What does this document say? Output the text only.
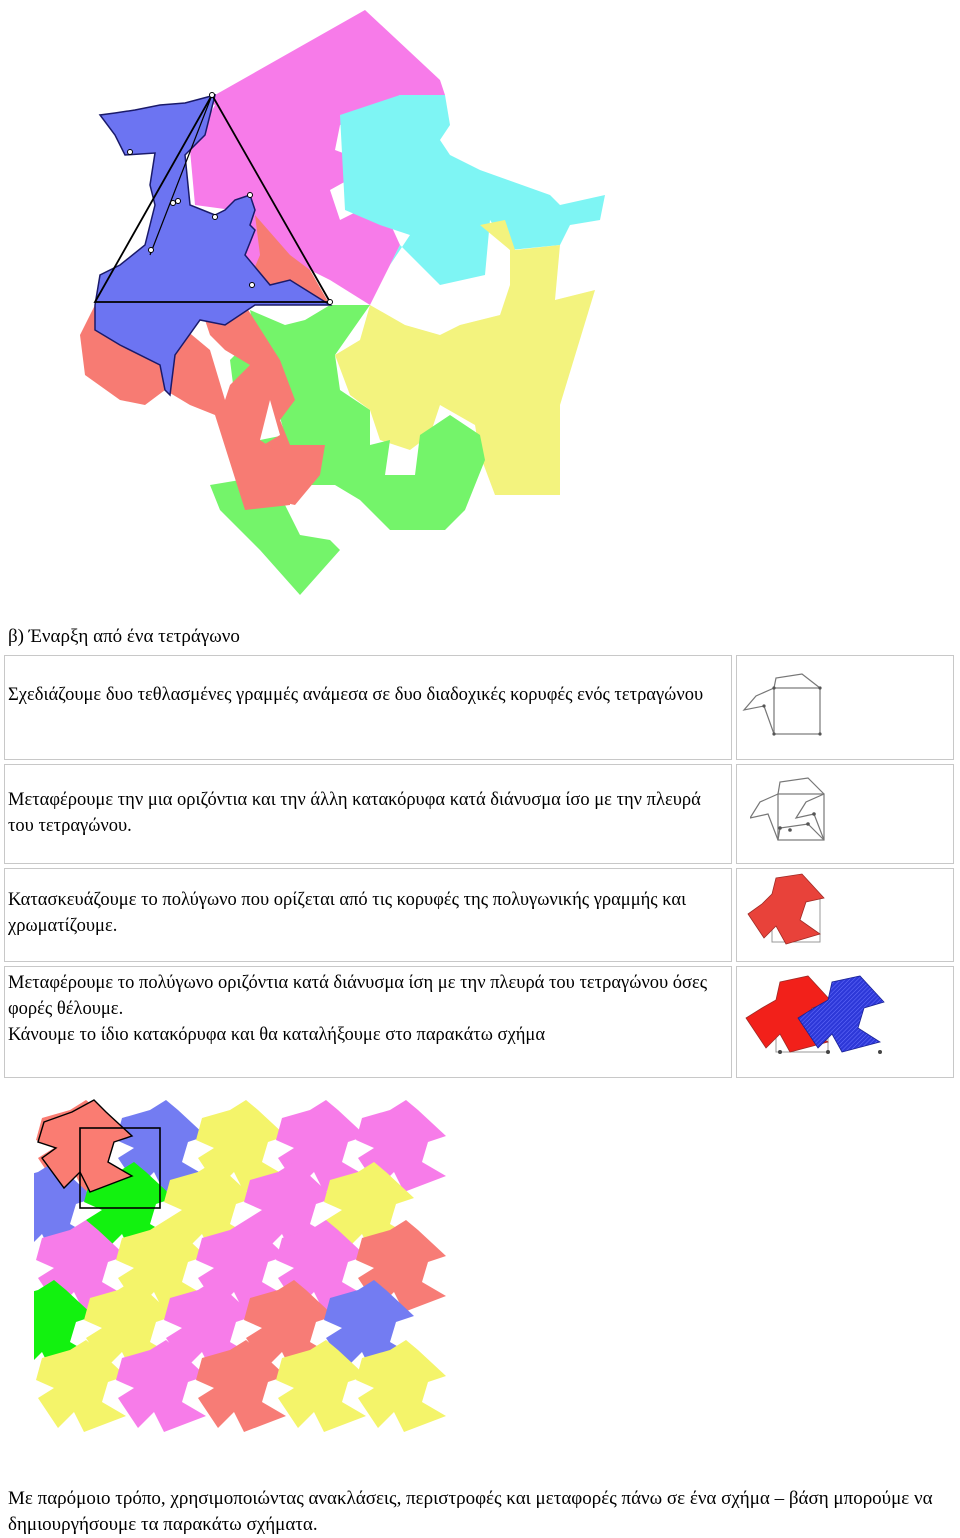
β) Έναρξη από ένα τετράγωνο
Σχεδιάζουμε δυο τεθλασμένες γραμμές ανάμεσα σε δυο διαδοχικές κορυφές ενός τετραγώνου
Μεταφέρουμε την μια οριζόντια και την άλλη κατακόρυφα κατά διάνυσμα ίσο με την πλευρά του τετραγώνου.
Κατασκευάζουμε το πολύγωνο που ορίζεται από τις κορυφές της πολυγωνικής γραμμής και χρωματίζουμε.
Μεταφέρουμε το πολύγωνο οριζόντια κατά διάνυσμα ίση με την πλευρά του τετραγώνου όσες φορές θέλουμε.
Κάνουμε το ίδιο κατακόρυφα και θα καταλήξουμε στο παρακάτω σχήμα
Με παρόμοιο τρόπο, χρησιμοποιώντας ανακλάσεις, περιστροφές και μεταφορές πάνω σε ένα σχήμα – βάση μπορούμε να δημιουργήσουμε τα παρακάτω σχήματα.
